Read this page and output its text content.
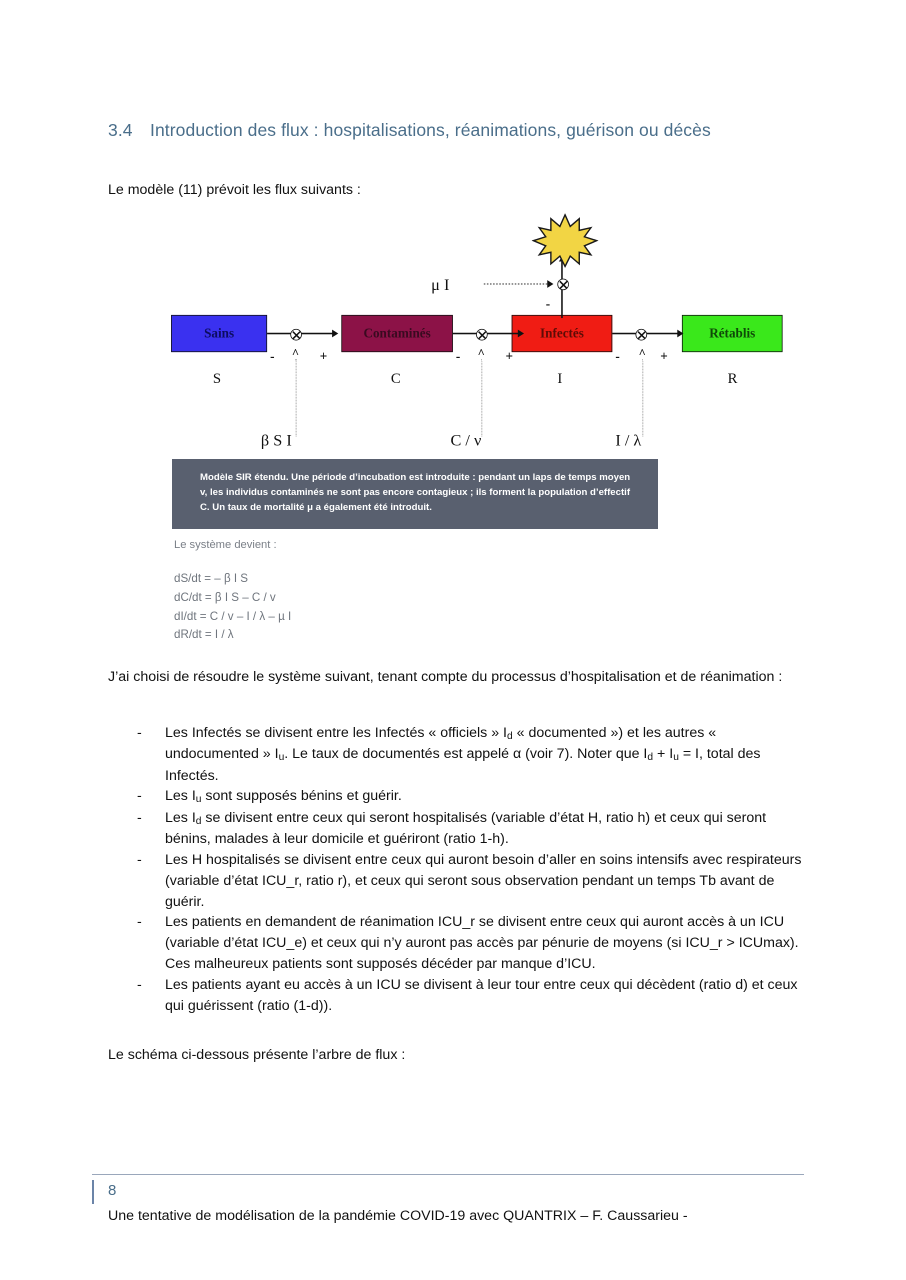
3.4 Introduction des flux : hospitalisations, réanimations, guérison ou décès
Le modèle (11) prévoit les flux suivants :
Sains	Contaminés	Infectés	Rétablis
-	+
^	-	+
^	- +
^
-
μ I
S	C	I	R
β S I	C / ν	I / λ
Modèle SIR étendu. Une période d’incubation est introduite : pendant un laps de temps moyen v, les individus contaminés ne sont pas encore contagieux ; ils forment la population d’effectif C. Un taux de mortalité μ a également été introduit.
Le système devient :
dS/dt = – β I S
dC/dt = β I S – C / v
dI/dt = C / v – I / λ – µ I
dR/dt = I / λ
J’ai choisi de résoudre le système suivant, tenant compte du processus d’hospitalisation et de réanimation :
- Les Infectés se divisent entre les Infectés « officiels » $I_d$ « documented ») et les autres « undocumented » $I_u$. Le taux de documentés est appelé α (voir 7). Noter que $I_d + I_u = I$, total des Infectés.
- Les $I_u$ sont supposés bénins et guérir.
- Les $I_d$ se divisent entre ceux qui seront hospitalisés (variable d’état H, ratio h) et ceux qui seront bénins, malades à leur domicile et guériront (ratio 1-h).
- Les H hospitalisés se divisent entre ceux qui auront besoin d’aller en soins intensifs avec respirateurs (variable d’état ICU_r, ratio r), et ceux qui seront sous observation pendant un temps Tb avant de guérir.
- Les patients en demandent de réanimation ICU_r se divisent entre ceux qui auront accès à un ICU (variable d’état ICU_e) et ceux qui n’y auront pas accès par pénurie de moyens (si ICU_r > ICUmax). Ces malheureux patients sont supposés décéder par manque d’ICU.
- Les patients ayant eu accès à un ICU se divisent à leur tour entre ceux qui décèdent (ratio d) et ceux qui guérissent (ratio (1-d)).
Le schéma ci-dessous présente l’arbre de flux :
8
Une tentative de modélisation de la pandémie COVID-19 avec QUANTRIX – F. Caussarieu -
